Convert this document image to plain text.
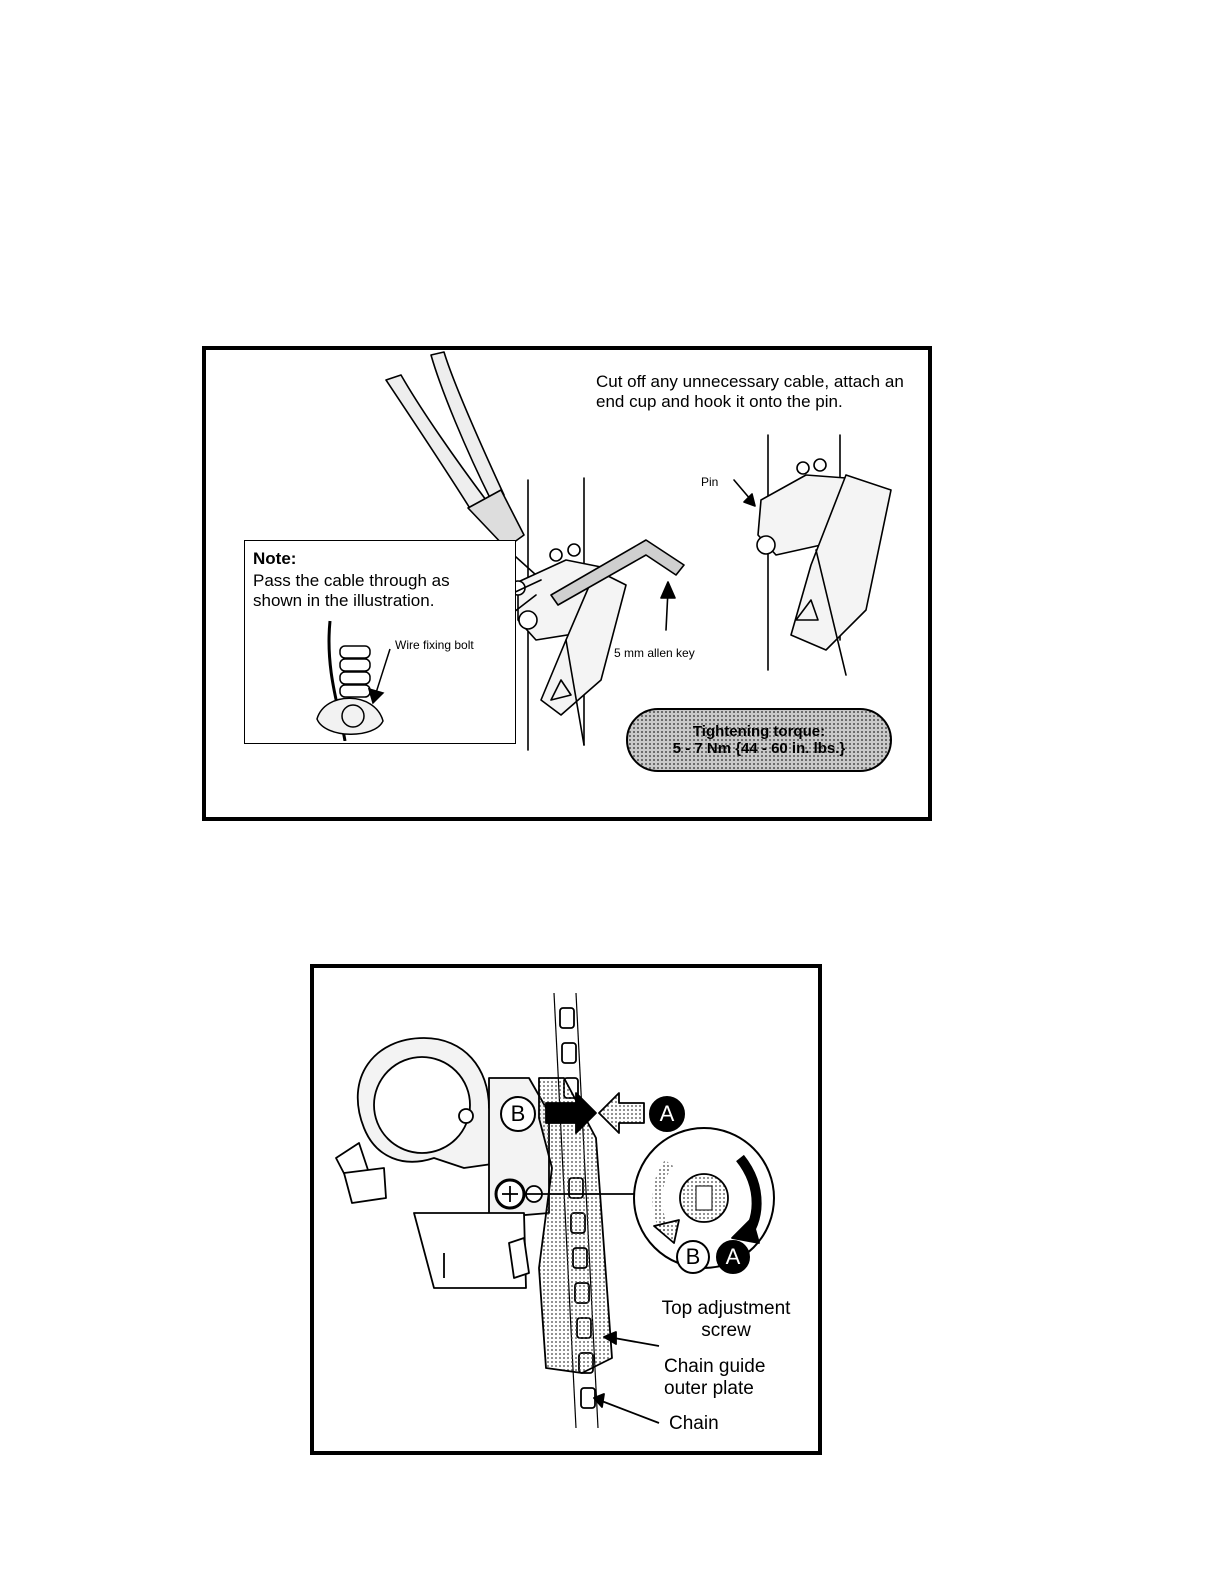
Cut off any unnecessary cable, attach an end cup and hook it onto the pin.

Note:

Pass the cable through as shown in the illustration.

Wire fixing bolt

Pin

5 mm allen key

Tightening torque:
5 - 7 Nm {44 - 60 in. lbs.}
B	A
B A

Top adjustment screw

Chain guide outer plate

Chain
